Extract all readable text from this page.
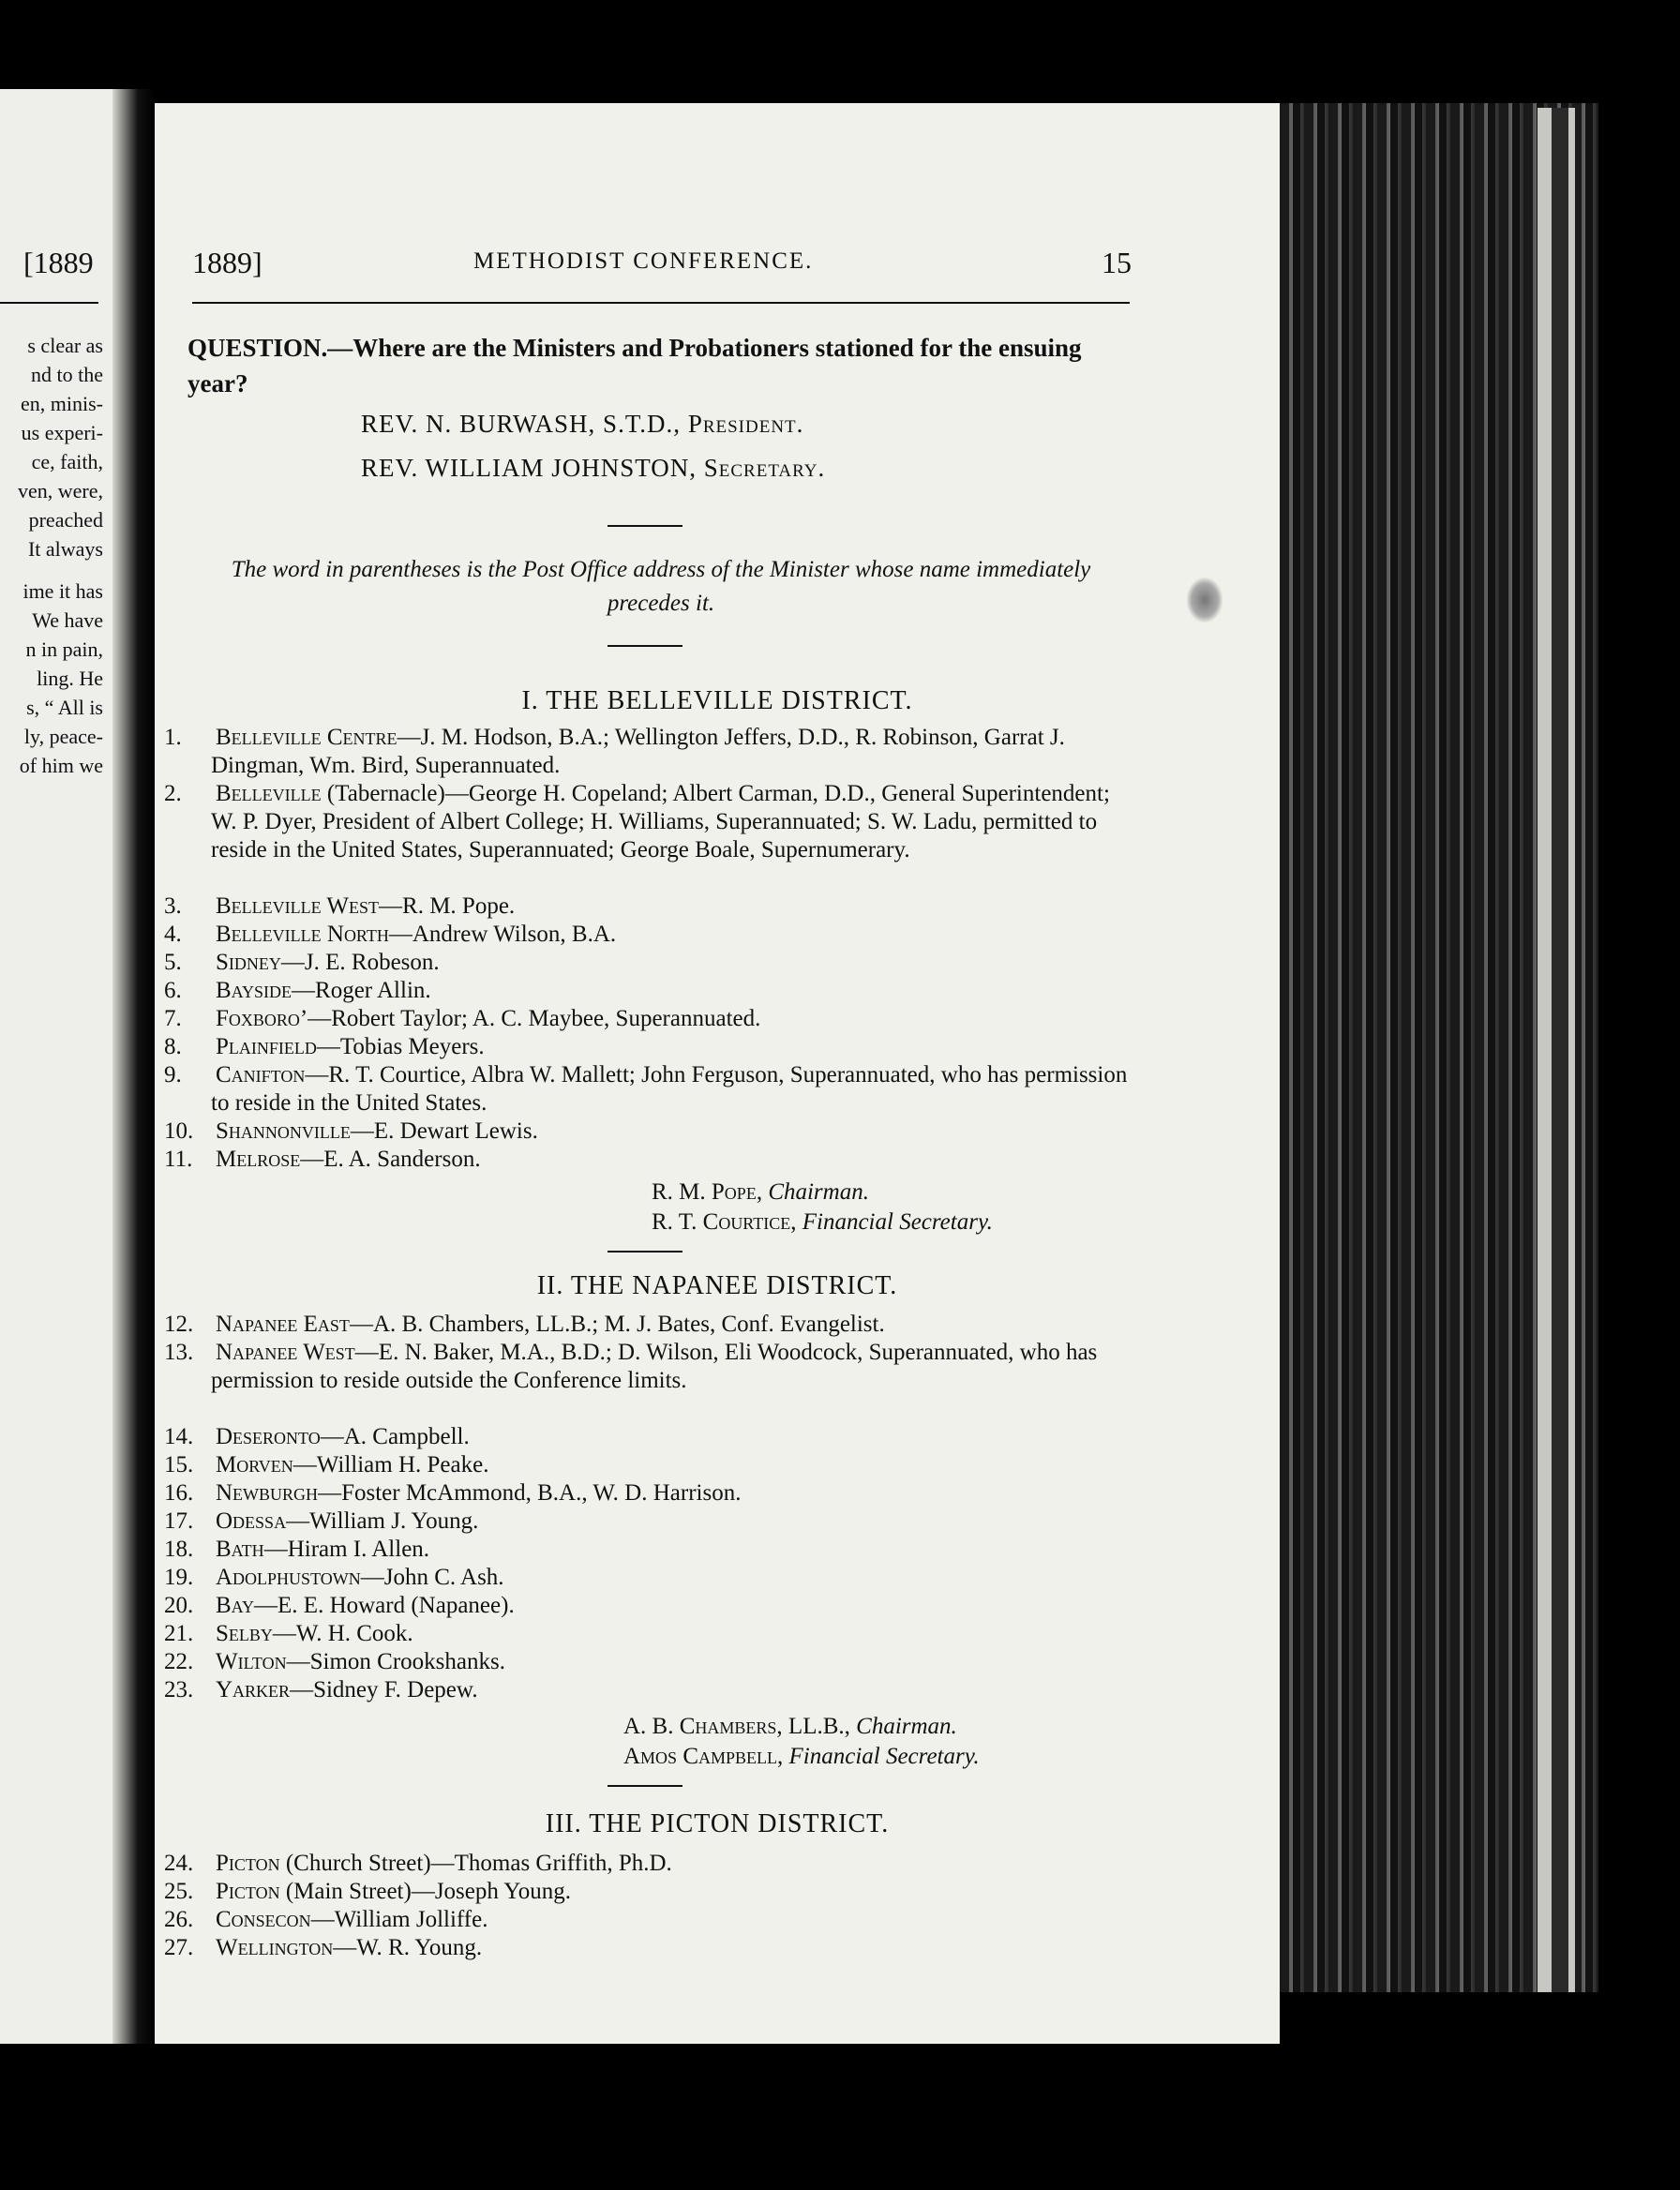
[1889
s clear as
nd to the
en, minis-
us experi-
ce, faith,
ven, were,
preached
It always
ime it has
We have
n in pain,
ling. He
s, “ All is
ly, peace-
of him we
1889]	METHODIST CONFERENCE.	15
QUESTION.—Where are the Ministers and Probationers stationed for the ensuing year?
REV. N. BURWASH, S.T.D., President.
REV. WILLIAM JOHNSTON, Secretary.
The word in parentheses is the Post Office address of the Minister whose name immediately precedes it.
I. THE BELLEVILLE DISTRICT.
1.Belleville Centre—J. M. Hodson, B.A.; Wellington Jeffers, D.D., R. Robinson, Garrat J. Dingman, Wm. Bird, Superannuated.
2.Belleville (Tabernacle)—George H. Copeland; Albert Carman, D.D., General Superintendent; W. P. Dyer, President of Albert College; H. Williams, Superannuated; S. W. Ladu, permitted to reside in the United States, Superannuated; George Boale, Supernumerary.
3.Belleville West—R. M. Pope.
4.Belleville North—Andrew Wilson, B.A.
5.Sidney—J. E. Robeson.
6.Bayside—Roger Allin.
7.Foxboro’—Robert Taylor; A. C. Maybee, Superannuated.
8.Plainfield—Tobias Meyers.
9.Canifton—R. T. Courtice, Albra W. Mallett; John Ferguson, Superannuated, who has permission to reside in the United States.
10.Shannonville—E. Dewart Lewis.
11.Melrose—E. A. Sanderson.
R. M. Pope, Chairman.
R. T. Courtice, Financial Secretary.
II. THE NAPANEE DISTRICT.
12.Napanee East—A. B. Chambers, LL.B.; M. J. Bates, Conf. Evangelist.
13.Napanee West—E. N. Baker, M.A., B.D.; D. Wilson, Eli Woodcock, Superannuated, who has permission to reside outside the Conference limits.
14.Deseronto—A. Campbell.
15.Morven—William H. Peake.
16.Newburgh—Foster McAmmond, B.A., W. D. Harrison.
17.Odessa—William J. Young.
18.Bath—Hiram I. Allen.
19.Adolphustown—John C. Ash.
20.Bay—E. E. Howard (Napanee).
21.Selby—W. H. Cook.
22.Wilton—Simon Crookshanks.
23.Yarker—Sidney F. Depew.
A. B. Chambers, LL.B., Chairman.
Amos Campbell, Financial Secretary.
III. THE PICTON DISTRICT.
24.Picton (Church Street)—Thomas Griffith, Ph.D.
25.Picton (Main Street)—Joseph Young.
26.Consecon—William Jolliffe.
27.Wellington—W. R. Young.
